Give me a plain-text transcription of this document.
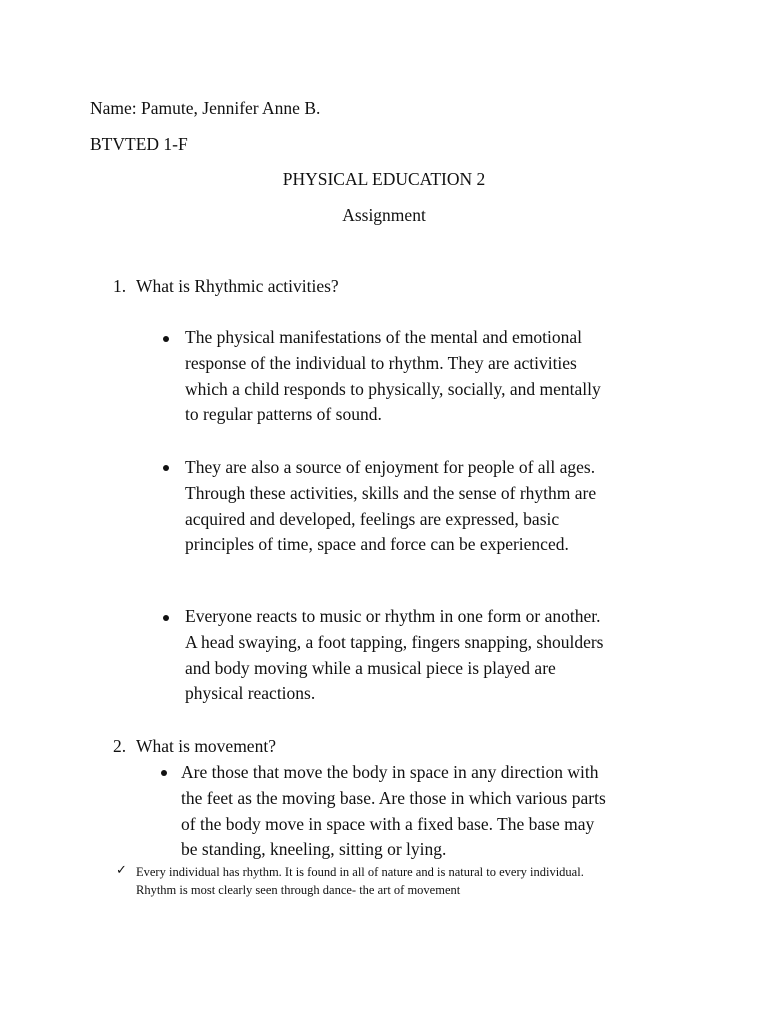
Name: Pamute, Jennifer Anne B.
BTVTED 1-F
PHYSICAL EDUCATION 2
Assignment
1. What is Rhythmic activities?
The physical manifestations of the mental and emotional
response of the individual to rhythm. They are activities
which a child responds to physically, socially, and mentally
to regular patterns of sound.
They are also a source of enjoyment for people of all ages.
Through these activities, skills and the sense of rhythm are
acquired and developed, feelings are expressed, basic
principles of time, space and force can be experienced.
Everyone reacts to music or rhythm in one form or another.
A head swaying, a foot tapping, fingers snapping, shoulders
and body moving while a musical piece is played are
physical reactions.
2. What is movement?
Are those that move the body in space in any direction with
the feet as the moving base. Are those in which various parts
of the body move in space with a fixed base. The base may
be standing, kneeling, sitting or lying.
✓ Every individual has rhythm. It is found in all of nature and is natural to every individual.
Rhythm is most clearly seen through dance- the art of movement
